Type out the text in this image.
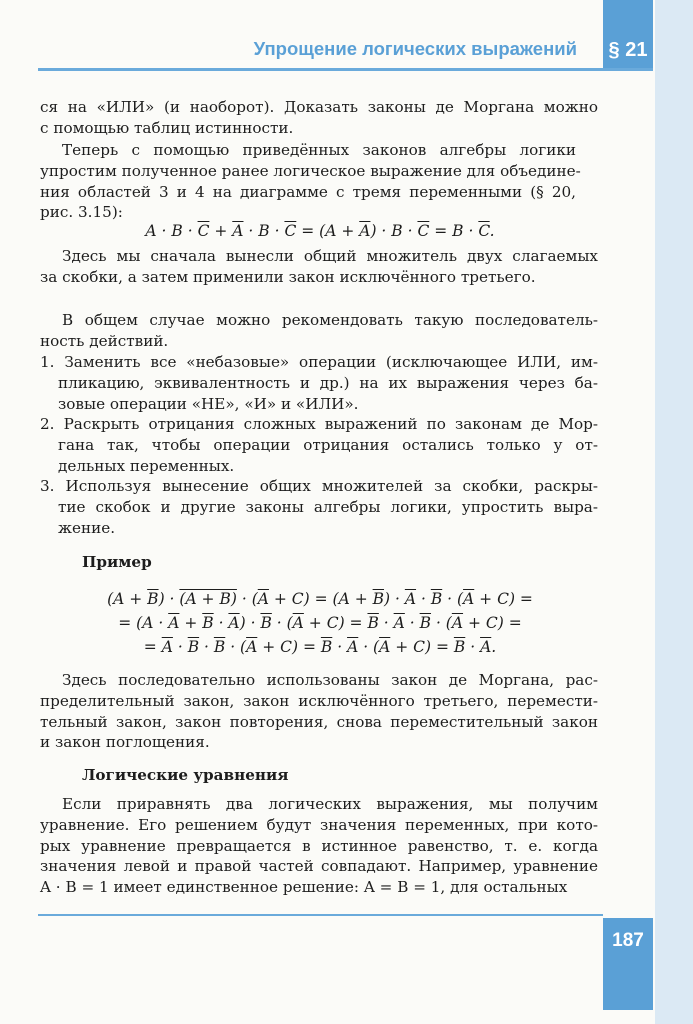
§ 21
Упрощение логических выражений
ся на «ИЛИ» (и наоборот). Доказать законы де Моргана можно
с помощью таблиц истинности.
Теперь с помощью приведённых законов алгебры логики
упростим полученное ранее логическое выражение для объедине-
ния областей 3 и 4 на диаграмме с тремя переменными (§ 20,
рис. 3.15):
$A \cdot B \cdot \overline{C} + \overline{A} \cdot B \cdot \overline{C} = (A + \overline{A}) \cdot B \cdot \overline{C} = B \cdot \overline{C}$.
Здесь мы сначала вынесли общий множитель двух слагаемых
за скобки, а затем применили закон исключённого третьего.
В общем случае можно рекомендовать такую последователь-
ность действий.
1. Заменить все «небазовые» операции (исключающее ИЛИ, им-
пликацию, эквивалентность и др.) на их выражения через ба-
зовые операции «НЕ», «И» и «ИЛИ».
2. Раскрыть отрицания сложных выражений по законам де Мор-
гана так, чтобы операции отрицания остались только у от-
дельных переменных.
3. Используя вынесение общих множителей за скобки, раскры-
тие скобок и другие законы алгебры логики, упростить выра-
жение.
Пример
$(A + \overline{B}) \cdot (A + B) \cdot (\overline{A} + C) = (A + \overline{B}) \cdot \overline{A} \cdot \overline{B} \cdot (\overline{A} + C)$ =
= $(A \cdot \overline{A} + \overline{B} \cdot \overline{A}) \cdot \overline{B} \cdot (\overline{A} + C) = \overline{B} \cdot \overline{A} \cdot \overline{B} \cdot (\overline{A} + C)$ =
= $\overline{A} \cdot \overline{B} \cdot \overline{B} \cdot (\overline{A} + C) = \overline{B} \cdot \overline{A} \cdot (\overline{A} + C) = \overline{B} \cdot \overline{A}$.
Здесь последовательно использованы закон де Моргана, рас-
пределительный закон, закон исключённого третьего, перемести-
тельный закон, закон повторения, снова переместительный закон
и закон поглощения.
Логические уравнения
Если приравнять два логических выражения, мы получим
уравнение. Его решением будут значения переменных, при кото-
рых уравнение превращается в истинное равенство, т. е. когда
значения левой и правой частей совпадают. Например, уравнение
A · B = 1 имеет единственное решение: A = B = 1, для остальных
187
